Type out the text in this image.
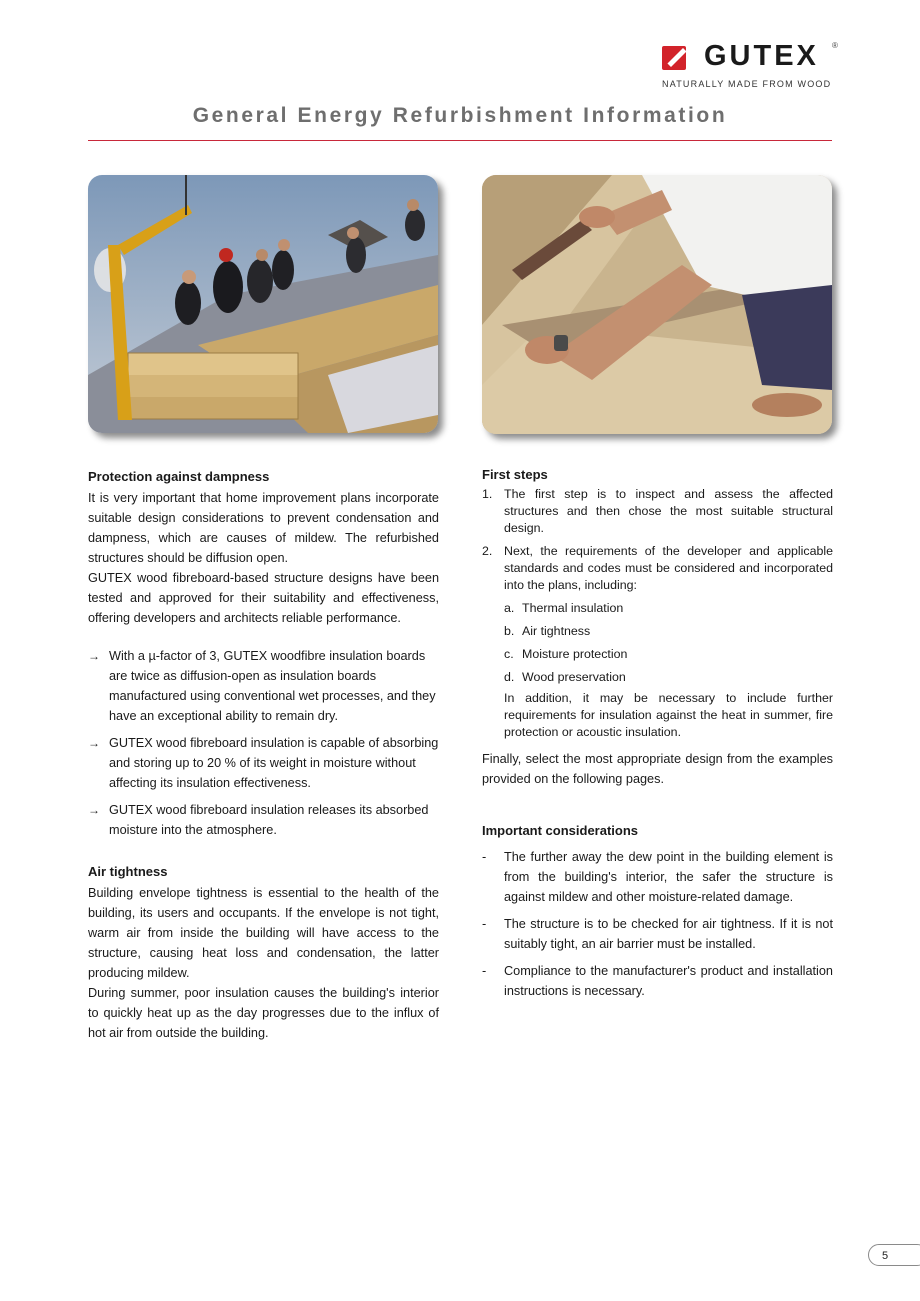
GUTEX ®
NATURALLY MADE FROM WOOD
General Energy Refurbishment Information
Protection against dampness

It is very important that home improvement plans incorporate suitable design considerations to prevent condensation and dampness, which are causes of mildew. The refurbished structures should be diffusion open.

GUTEX wood fibreboard-based structure designs have been tested and approved for their suitability and effectiveness, offering developers and architects reliable performance.

→ With a µ-factor of 3, GUTEX woodfibre insulation boards are twice as diffusion-open as insulation boards manufactured using conventional wet processes, and they have an exceptional ability to remain dry.
→ GUTEX wood fibreboard insulation is capable of absorbing and storing up to 20 % of its weight in moisture without affecting its insulation effectiveness.
→ GUTEX wood fibreboard insulation releases its absorbed moisture into the atmosphere.
Air tightness

Building envelope tightness is essential to the health of the building, its users and occupants. If the envelope is not tight, warm air from inside the building will have access to the structure, causing heat loss and condensation, the latter producing mildew.

During summer, poor insulation causes the building's interior to quickly heat up as the day progresses due to the influx of hot air from outside the building.

First steps
1. The first step is to inspect and assess the affected structures and then chose the most suitable structural design.
2. Next, the requirements of the developer and applicable standards and codes must be considered and incorporated into the plans, including:
a. Thermal insulation
b. Air tightness
c. Moisture protection
d. Wood preservation
In addition, it may be necessary to include further requirements for insulation against the heat in summer, fire protection or acoustic insulation.

Finally, select the most appropriate design from the examples provided on the following pages.

Important considerations
- The further away the dew point in the building element is from the building's interior, the safer the structure is against mildew and other moisture-related damage.
- The structure is to be checked for air tightness. If it is not suitably tight, an air barrier must be installed.
- Compliance to the manufacturer's product and installation instructions is necessary.
5
